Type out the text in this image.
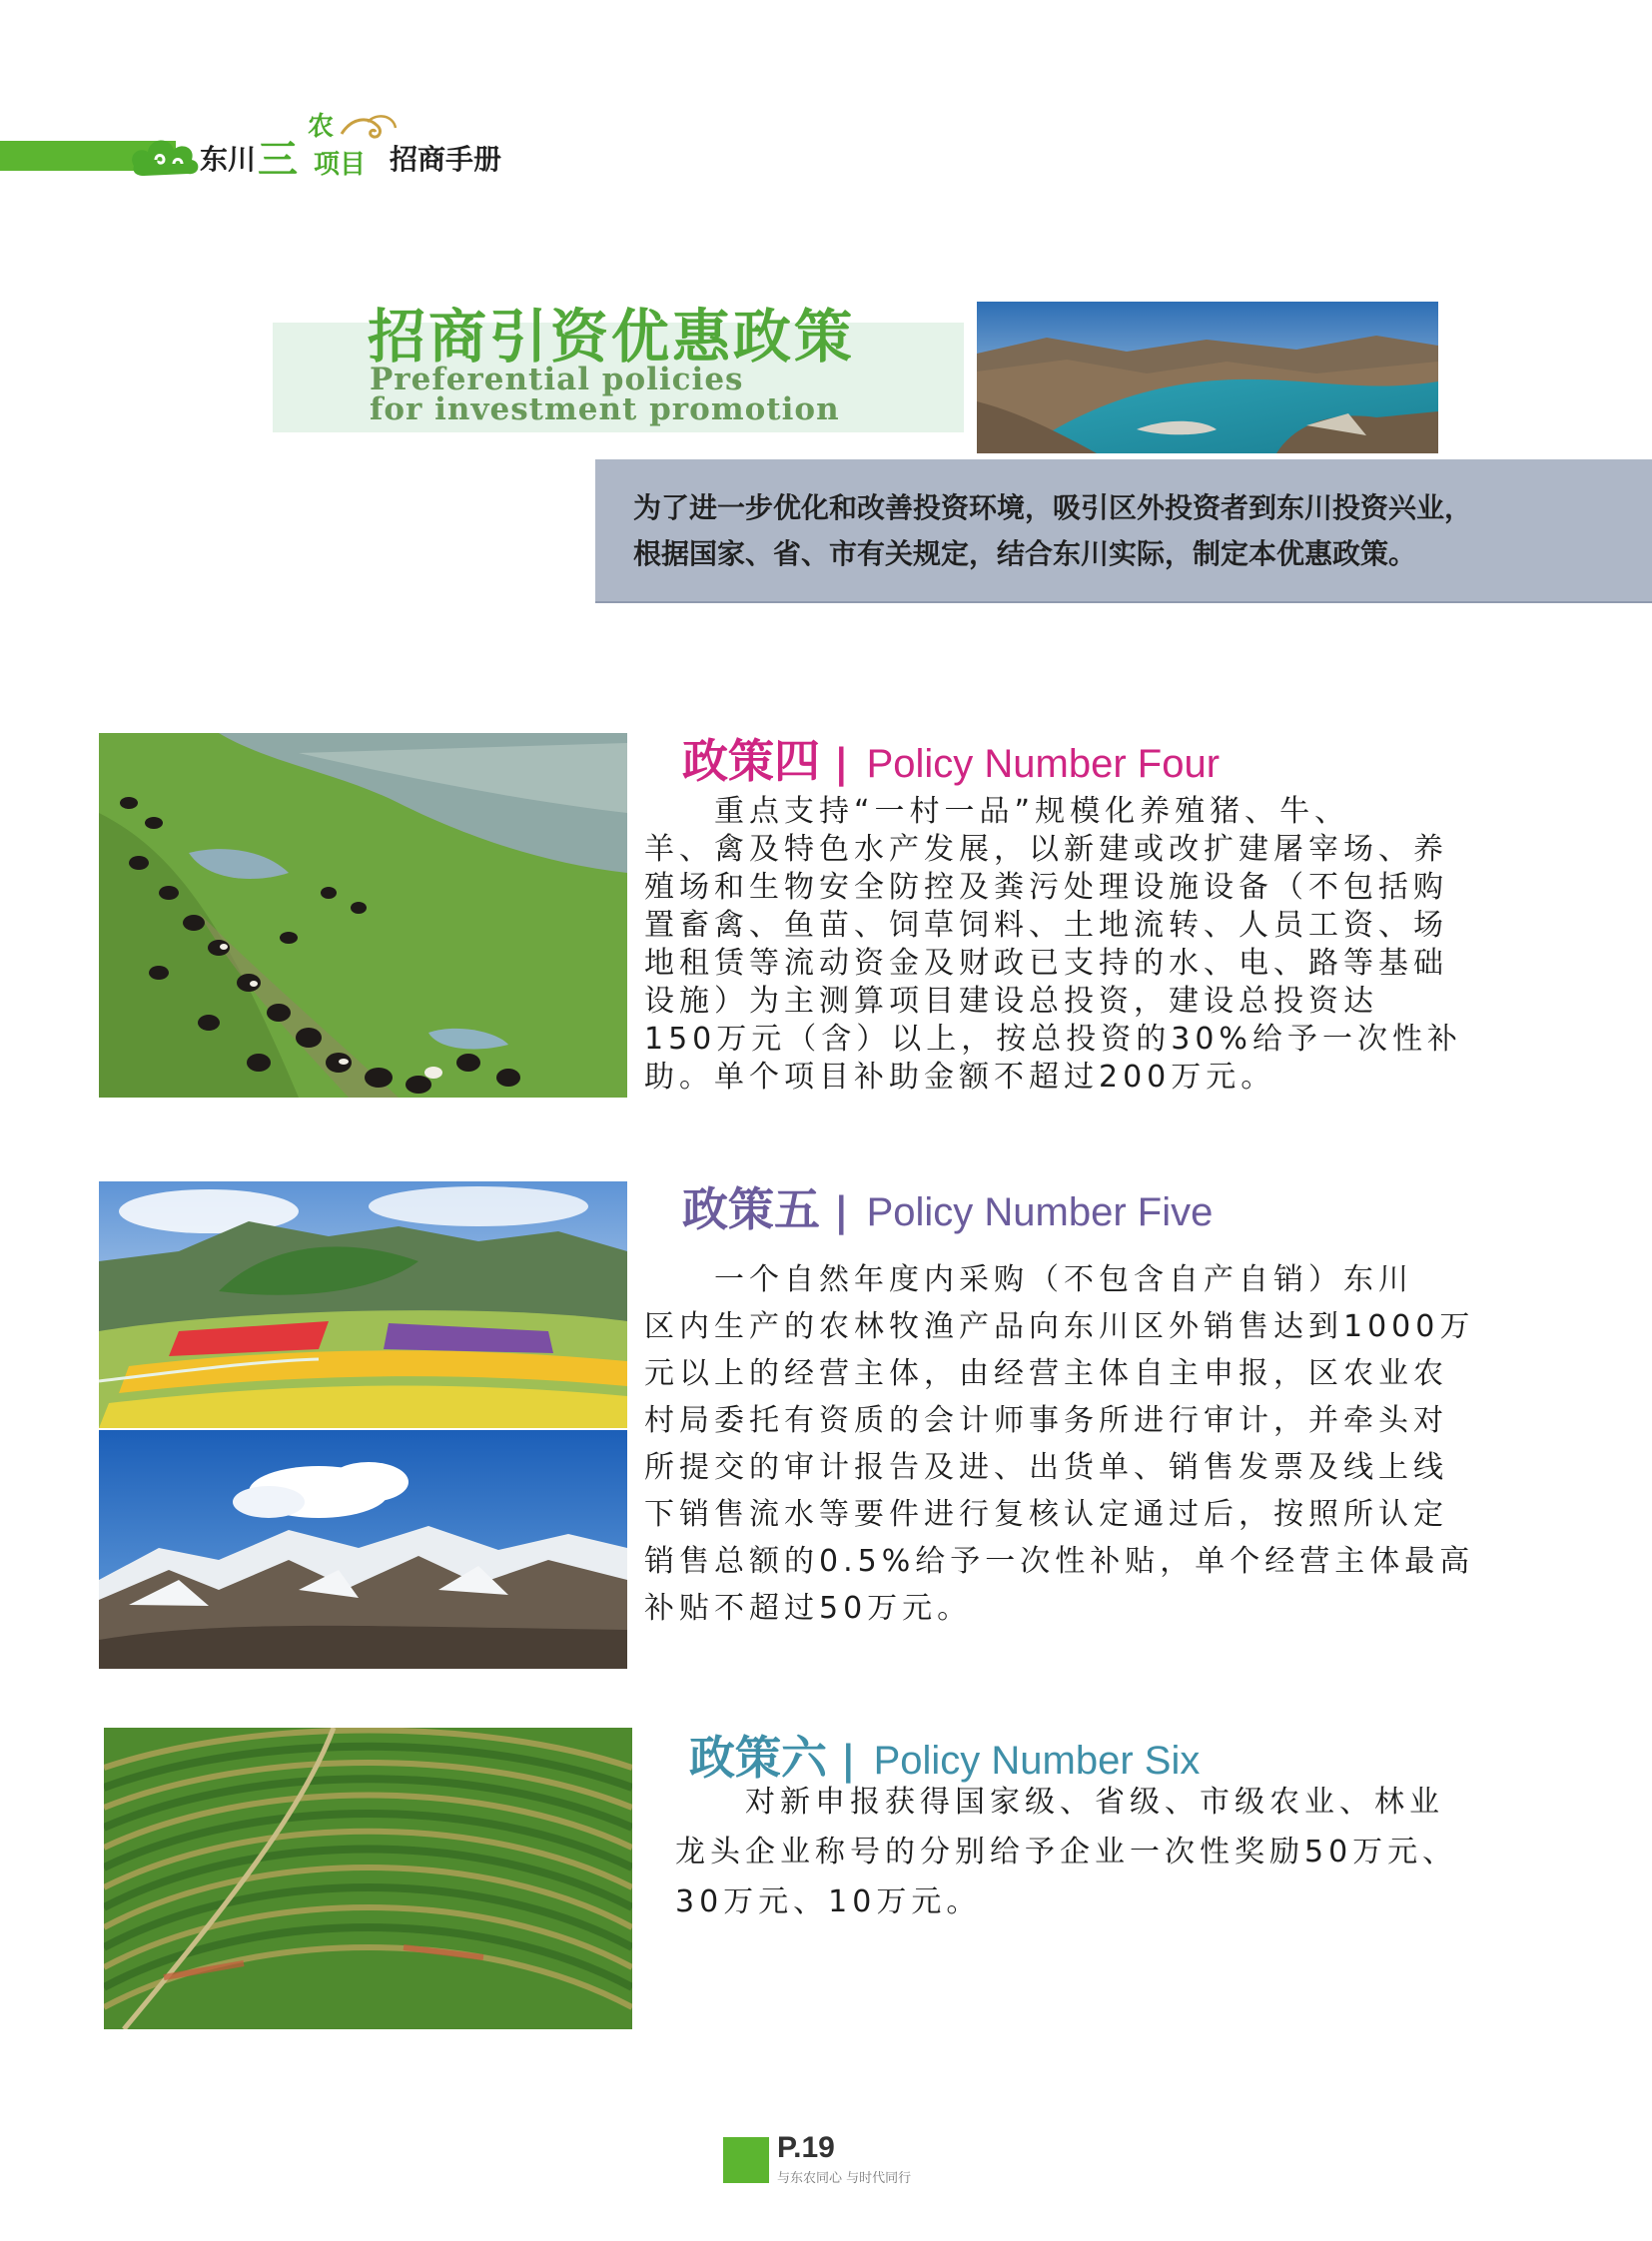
东川 三
农
项目 招商手册
招商引资优惠政策
Preferential policies
for investment promotion
为了进一步优化和改善投资环境，吸引区外投资者到东川投资兴业，
根据国家、省、市有关规定，结合东川实际，制定本优惠政策。
政策四 | Policy Number Four
　　重点支持“一村一品”规模化养殖猪、牛、
羊、禽及特色水产发展，以新建或改扩建屠宰场、养
殖场和生物安全防控及粪污处理设施设备（不包括购
置畜禽、鱼苗、饲草饲料、土地流转、人员工资、场
地租赁等流动资金及财政已支持的水、电、路等基础
设施）为主测算项目建设总投资，建设总投资达
150万元（含）以上，按总投资的30%给予一次性补
助。单个项目补助金额不超过200万元。
政策五 | Policy Number Five
　　一个自然年度内采购（不包含自产自销）东川
区内生产的农林牧渔产品向东川区外销售达到1000万
元以上的经营主体，由经营主体自主申报，区农业农
村局委托有资质的会计师事务所进行审计，并牵头对
所提交的审计报告及进、出货单、销售发票及线上线
下销售流水等要件进行复核认定通过后，按照所认定
销售总额的0.5%给予一次性补贴，单个经营主体最高
补贴不超过50万元。
政策六 | Policy Number Six
　　对新申报获得国家级、省级、市级农业、林业
龙头企业称号的分别给予企业一次性奖励50万元、
30万元、10万元。
P.19
与东农同心 与时代同行
